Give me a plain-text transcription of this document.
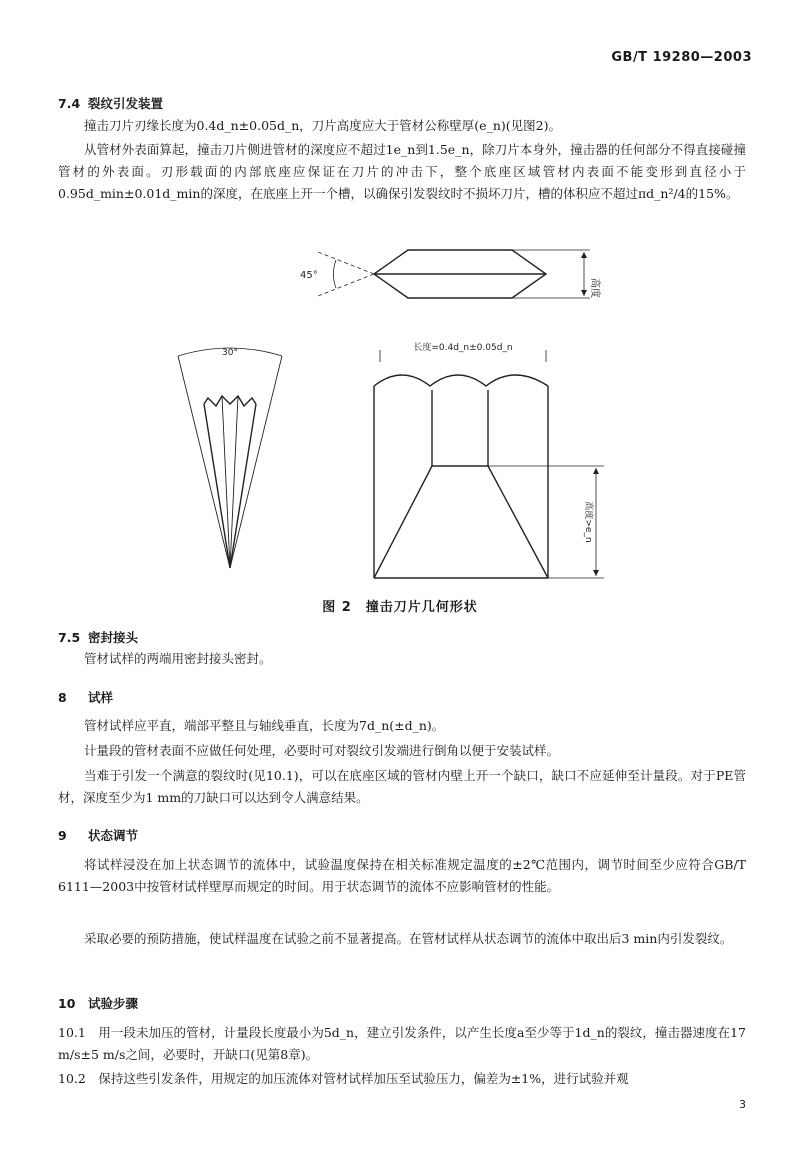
GB/T 19280—2003
7.4 裂纹引发装置
撞击刀片刃缘长度为0.4d_n±0.05d_n，刀片高度应大于管材公称壁厚(e_n)(见图2)。
从管材外表面算起，撞击刀片侧进管材的深度应不超过1e_n到1.5e_n，除刀片本身外，撞击器的任何部分不得直接碰撞管材的外表面。刃形载面的内部底座应保证在刀片的冲击下，整个底座区域管材内表面不能变形到直径小于0.95d_min±0.01d_min的深度，在底座上开一个槽，以确保引发裂纹时不损坏刀片，槽的体积应不超过πd_n²/4的15%。
45°
高度
30°	长度=0.4d_n±0.05d_n
高度>e_n
图 2　撞击刀片几何形状
7.5 密封接头
管材试样的两端用密封接头密封。
8 试样
管材试样应平直，端部平整且与轴线垂直，长度为7d_n(±d_n)。
计量段的管材表面不应做任何处理，必要时可对裂纹引发端进行倒角以便于安装试样。
当难于引发一个满意的裂纹时(见10.1)，可以在底座区域的管材内壁上开一个缺口，缺口不应延伸至计量段。对于PE管材，深度至少为1 mm的刀缺口可以达到令人满意结果。
9 状态调节
将试样浸没在加上状态调节的流体中，试验温度保持在相关标准规定温度的±2℃范围内，调节时间至少应符合GB/T 6111—2003中按管材试样壁厚而规定的时间。用于状态调节的流体不应影响管材的性能。
采取必要的预防措施，使试样温度在试验之前不显著提高。在管材试样从状态调节的流体中取出后3 min内引发裂纹。
10 试验步骤
10.1　用一段未加压的管材，计量段长度最小为5d_n，建立引发条件，以产生长度a至少等于1d_n的裂纹，撞击器速度在17 m/s±5 m/s之间，必要时，开缺口(见第8章)。
10.2　保持这些引发条件，用规定的加压流体对管材试样加压至试验压力，偏差为±1%，进行试验并观
3
